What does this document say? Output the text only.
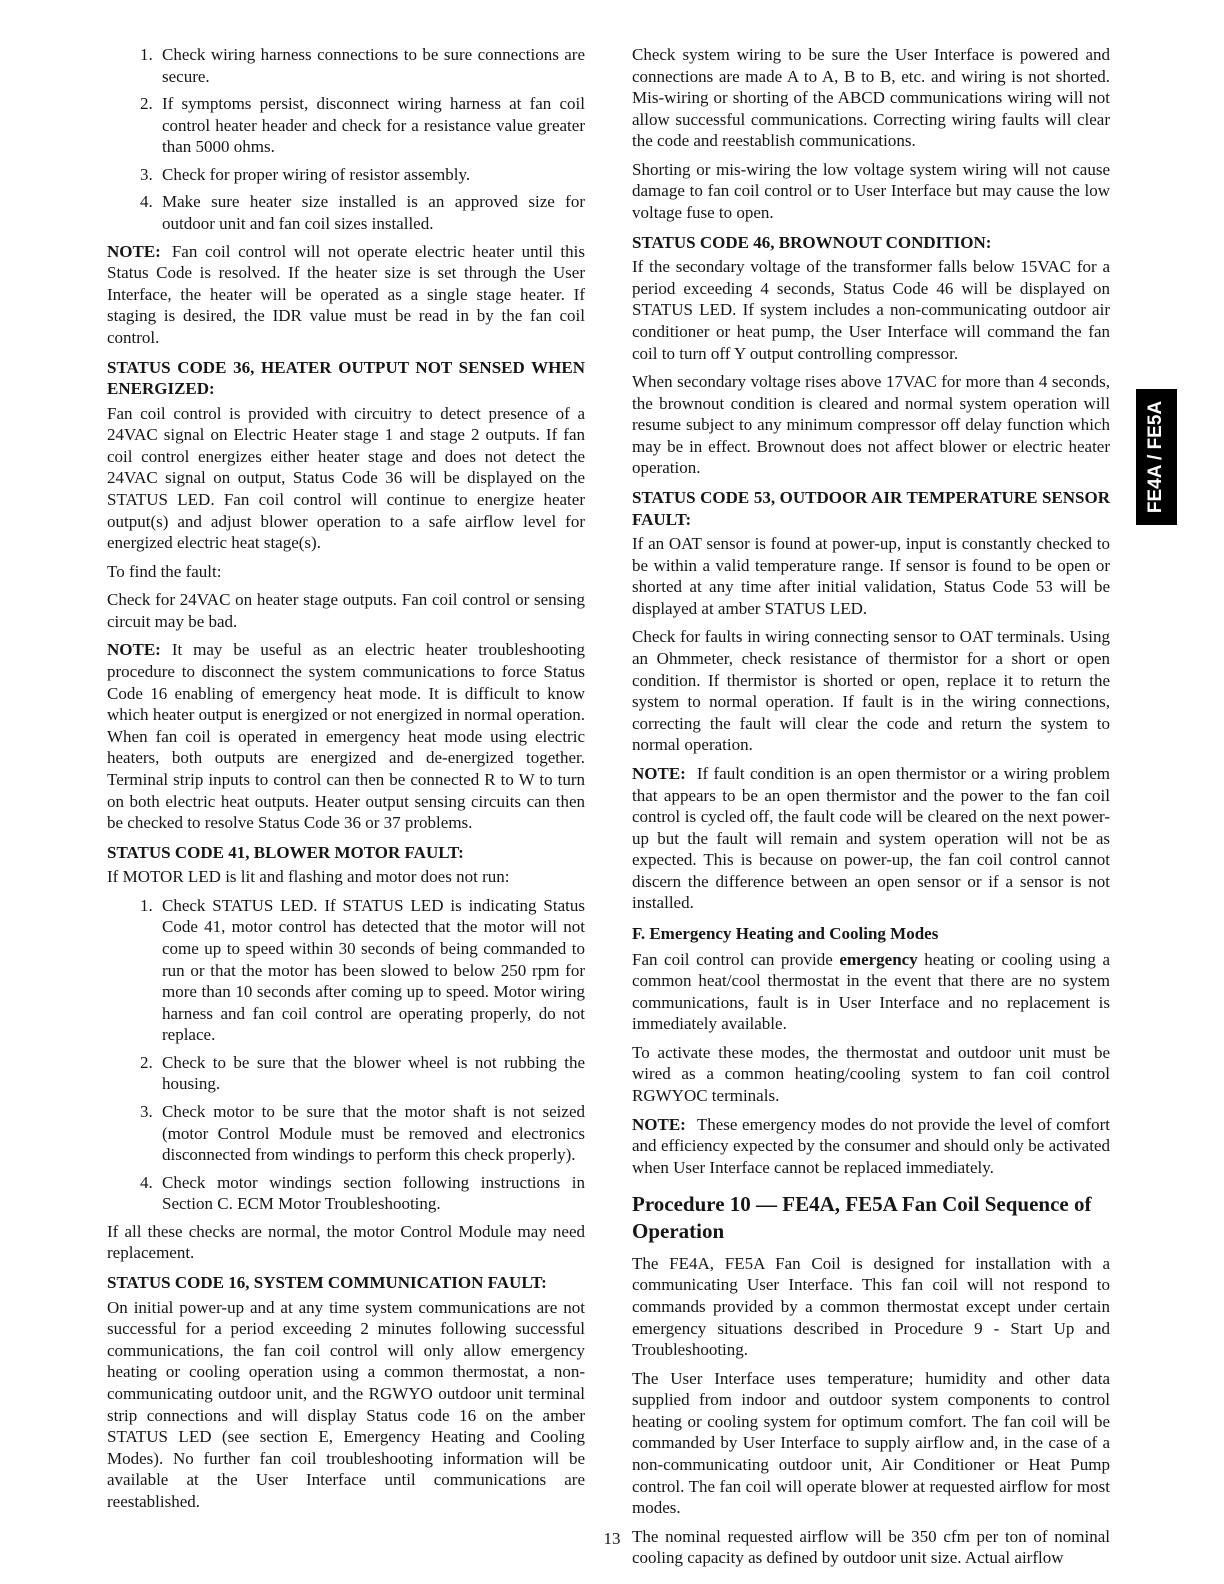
1. Check wiring harness connections to be sure connections are secure.
2. If symptoms persist, disconnect wiring harness at fan coil control heater header and check for a resistance value greater than 5000 ohms.
3. Check for proper wiring of resistor assembly.
4. Make sure heater size installed is an approved size for outdoor unit and fan coil sizes installed.

NOTE: Fan coil control will not operate electric heater until this Status Code is resolved. If the heater size is set through the User Interface, the heater will be operated as a single stage heater. If staging is desired, the IDR value must be read in by the fan coil control.

STATUS CODE 36, HEATER OUTPUT NOT SENSED WHEN ENERGIZED:

Fan coil control is provided with circuitry to detect presence of a 24VAC signal on Electric Heater stage 1 and stage 2 outputs. If fan coil control energizes either heater stage and does not detect the 24VAC signal on output, Status Code 36 will be displayed on the STATUS LED. Fan coil control will continue to energize heater output(s) and adjust blower operation to a safe airflow level for energized electric heat stage(s).

To find the fault:

Check for 24VAC on heater stage outputs. Fan coil control or sensing circuit may be bad.

NOTE: It may be useful as an electric heater troubleshooting procedure to disconnect the system communications to force Status Code 16 enabling of emergency heat mode. It is difficult to know which heater output is energized or not energized in normal operation. When fan coil is operated in emergency heat mode using electric heaters, both outputs are energized and de-energized together. Terminal strip inputs to control can then be connected R to W to turn on both electric heat outputs. Heater output sensing circuits can then be checked to resolve Status Code 36 or 37 problems.

STATUS CODE 41, BLOWER MOTOR FAULT:

If MOTOR LED is lit and flashing and motor does not run:

1. Check STATUS LED. If STATUS LED is indicating Status Code 41, motor control has detected that the motor will not come up to speed within 30 seconds of being commanded to run or that the motor has been slowed to below 250 rpm for more than 10 seconds after coming up to speed. Motor wiring harness and fan coil control are operating properly, do not replace.
2. Check to be sure that the blower wheel is not rubbing the housing.
3. Check motor to be sure that the motor shaft is not seized (motor Control Module must be removed and electronics disconnected from windings to perform this check properly).
4. Check motor windings section following instructions in Section C. ECM Motor Troubleshooting.

If all these checks are normal, the motor Control Module may need replacement.

STATUS CODE 16, SYSTEM COMMUNICATION FAULT:

On initial power-up and at any time system communications are not successful for a period exceeding 2 minutes following successful communications, the fan coil control will only allow emergency heating or cooling operation using a common thermostat, a non-communicating outdoor unit, and the RGWYO outdoor unit terminal strip connections and will display Status code 16 on the amber STATUS LED (see section E, Emergency Heating and Cooling Modes). No further fan coil troubleshooting information will be available at the User Interface until communications are reestablished.

Check system wiring to be sure the User Interface is powered and connections are made A to A, B to B, etc. and wiring is not shorted. Mis-wiring or shorting of the ABCD communications wiring will not allow successful communications. Correcting wiring faults will clear the code and reestablish communications.

Shorting or mis-wiring the low voltage system wiring will not cause damage to fan coil control or to User Interface but may cause the low voltage fuse to open.

STATUS CODE 46, BROWNOUT CONDITION:

If the secondary voltage of the transformer falls below 15VAC for a period exceeding 4 seconds, Status Code 46 will be displayed on STATUS LED. If system includes a non-communicating outdoor air conditioner or heat pump, the User Interface will command the fan coil to turn off Y output controlling compressor.

When secondary voltage rises above 17VAC for more than 4 seconds, the brownout condition is cleared and normal system operation will resume subject to any minimum compressor off delay function which may be in effect. Brownout does not affect blower or electric heater operation.

STATUS CODE 53, OUTDOOR AIR TEMPERATURE SENSOR FAULT:

If an OAT sensor is found at power-up, input is constantly checked to be within a valid temperature range. If sensor is found to be open or shorted at any time after initial validation, Status Code 53 will be displayed at amber STATUS LED.

Check for faults in wiring connecting sensor to OAT terminals. Using an Ohmmeter, check resistance of thermistor for a short or open condition. If thermistor is shorted or open, replace it to return the system to normal operation. If fault is in the wiring connections, correcting the fault will clear the code and return the system to normal operation.

NOTE: If fault condition is an open thermistor or a wiring problem that appears to be an open thermistor and the power to the fan coil control is cycled off, the fault code will be cleared on the next power-up but the fault will remain and system operation will not be as expected. This is because on power-up, the fan coil control cannot discern the difference between an open sensor or if a sensor is not installed.

F. Emergency Heating and Cooling Modes

Fan coil control can provide emergency heating or cooling using a common heat/cool thermostat in the event that there are no system communications, fault is in User Interface and no replacement is immediately available.

To activate these modes, the thermostat and outdoor unit must be wired as a common heating/cooling system to fan coil control RGWYOC terminals.

NOTE: These emergency modes do not provide the level of comfort and efficiency expected by the consumer and should only be activated when User Interface cannot be replaced immediately.

Procedure 10 — FE4A, FE5A Fan Coil Sequence of Operation

The FE4A, FE5A Fan Coil is designed for installation with a communicating User Interface. This fan coil will not respond to commands provided by a common thermostat except under certain emergency situations described in Procedure 9 - Start Up and Troubleshooting.

The User Interface uses temperature; humidity and other data supplied from indoor and outdoor system components to control heating or cooling system for optimum comfort. The fan coil will be commanded by User Interface to supply airflow and, in the case of a non-communicating outdoor unit, Air Conditioner or Heat Pump control. The fan coil will operate blower at requested airflow for most modes.

The nominal requested airflow will be 350 cfm per ton of nominal cooling capacity as defined by outdoor unit size. Actual airflow

FE4A / FE5A
13
